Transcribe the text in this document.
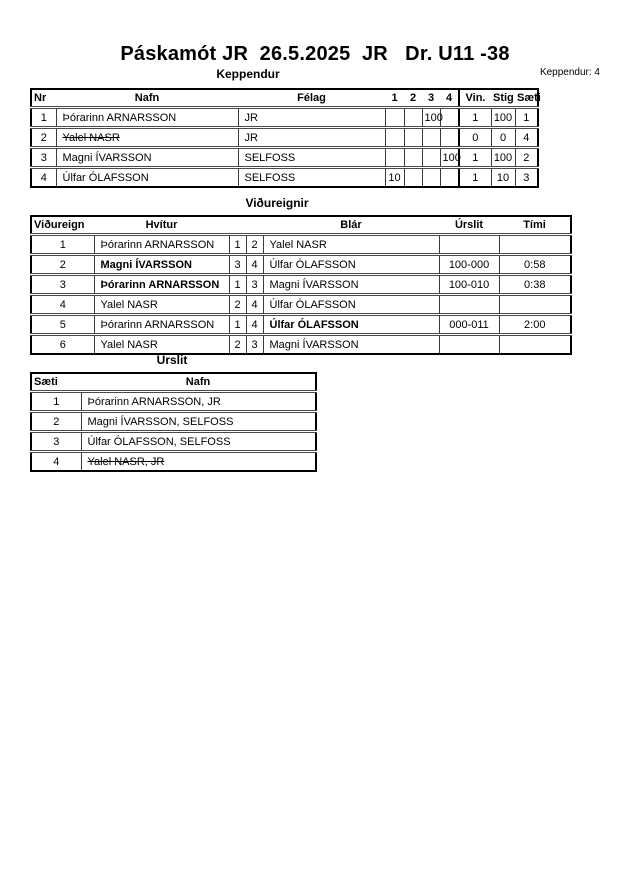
Páskamót JR  26.5.2025  JR   Dr. U11 -38
Keppendur: 4
Keppendur
Nr	Nafn	Félag	1	2	3	4	Vin.	Stig	Sæti
1	Þórarinn ARNARSSON	JR			100		1	100	1
2	Yalel NASR	JR					0	0	4
3	Magni ÍVARSSON	SELFOSS				100	1	100	2
4	Úlfar ÓLAFSSON	SELFOSS	10				1	10	3
Viðureignir
Viðureign	Hvítur			Blár	Úrslit	Tími
1	Þórarinn ARNARSSON	1	2	Yalel NASR		
2	Magni ÍVARSSON	3	4	Úlfar ÓLAFSSON	100-000	0:58
3	Þórarinn ARNARSSON	1	3	Magni ÍVARSSON	100-010	0:38
4	Yalel NASR	2	4	Úlfar ÓLAFSSON		
5	Þórarinn ARNARSSON	1	4	Úlfar ÓLAFSSON	000-011	2:00
6	Yalel NASR	2	3	Magni ÍVARSSON		
Úrslit
Sæti	Nafn
1	Þórarinn ARNARSSON, JR
2	Magni ÍVARSSON, SELFOSS
3	Úlfar ÓLAFSSON, SELFOSS
4	Yalel NASR, JR
